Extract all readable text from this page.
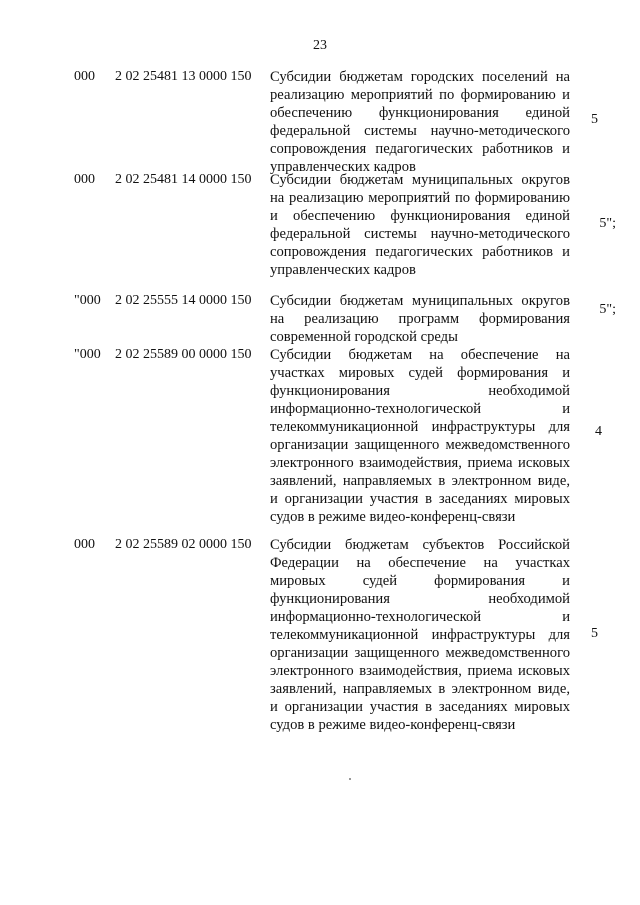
23
000 2 02 25481 13 0000 150 Субсидии бюджетам городских поселений на реализацию мероприятий по формированию и обеспечению функционирования единой федеральной системы научно-методического сопровождения педагогических работников и управленческих кадров
5
000 2 02 25481 14 0000 150 Субсидии бюджетам муниципальных округов на реализацию мероприятий по формированию и обеспечению функционирования единой федеральной системы научно-методического сопровождения педагогических работников и управленческих кадров
5";
"000 2 02 25555 14 0000 150 Субсидии бюджетам муниципальных округов на реализацию программ формирования современной городской среды
5";
"000 2 02 25589 00 0000 150 Субсидии бюджетам на обеспечение на участках мировых судей формирования и функционирования необходимой информационно-технологической и телекоммуникационной инфраструктуры для организации защищенного межведомственного электронного взаимодействия, приема исковых заявлений, направляемых в электронном виде, и организации участия в заседаниях мировых судов в режиме видео-конференц-связи
4
000 2 02 25589 02 0000 150 Субсидии бюджетам субъектов Российской Федерации на обеспечение на участках мировых судей формирования и функционирования необходимой информационно-технологической и телекоммуникационной инфраструктуры для организации защищенного межведомственного электронного взаимодействия, приема исковых заявлений, направляемых в электронном виде, и организации участия в заседаниях мировых судов в режиме видео-конференц-связи
5
